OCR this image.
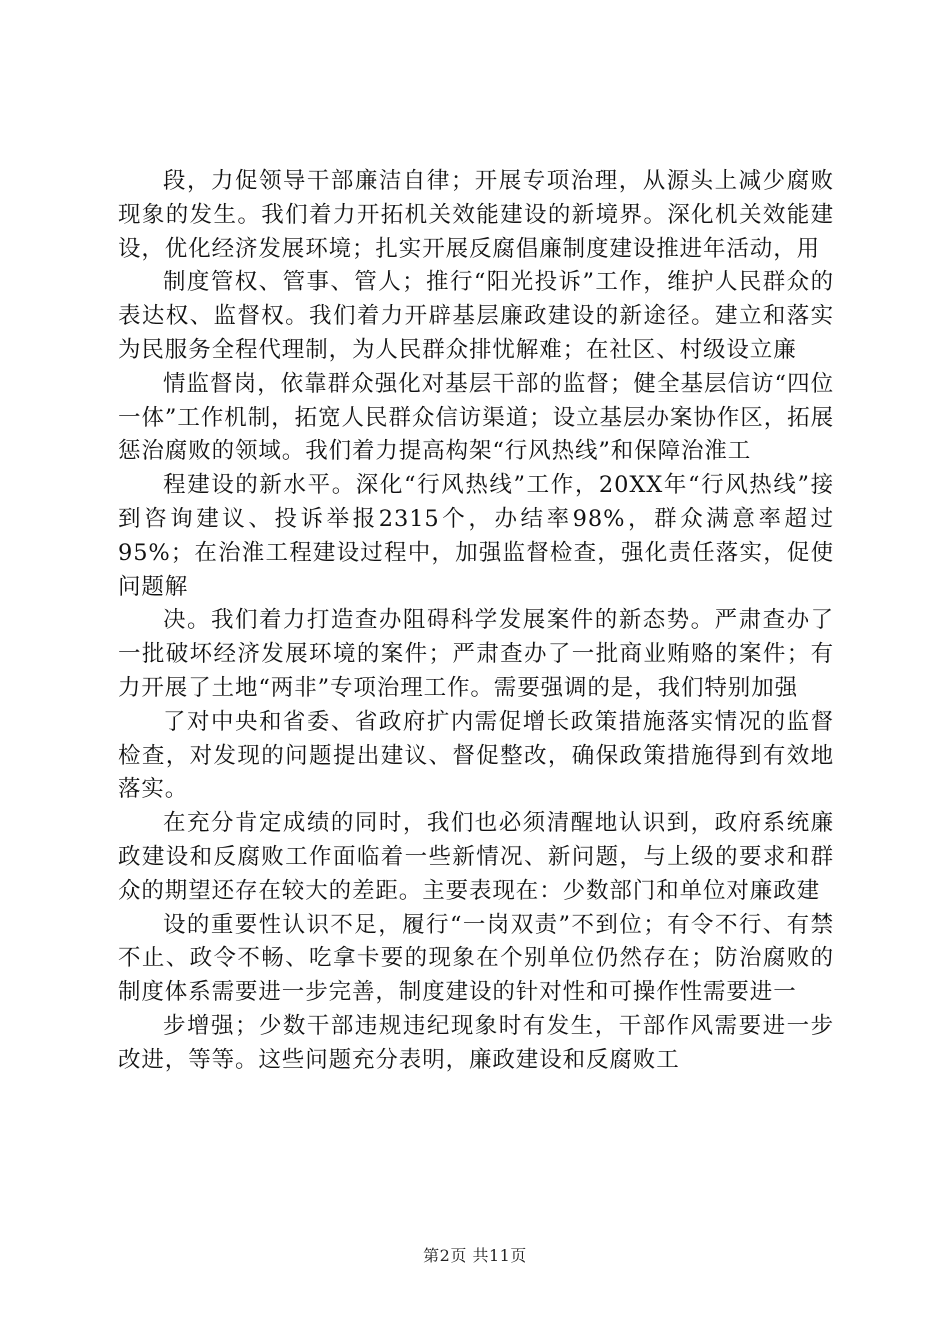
段，力促领导干部廉洁自律；开展专项治理，从源头上减少腐败现象的发生。我们着力开拓机关效能建设的新境界。深化机关效能建设，优化经济发展环境；扎实开展反腐倡廉制度建设推进年活动，用

制度管权、管事、管人；推行“阳光投诉”工作，维护人民群众的表达权、监督权。我们着力开辟基层廉政建设的新途径。建立和落实为民服务全程代理制，为人民群众排忧解难；在社区、村级设立廉

情监督岗，依靠群众强化对基层干部的监督；健全基层信访“四位一体”工作机制，拓宽人民群众信访渠道；设立基层办案协作区，拓展惩治腐败的领域。我们着力提高构架“行风热线”和保障治淮工

程建设的新水平。深化“行风热线”工作，20XX年“行风热线”接到咨询建议、投诉举报2315个，办结率98%，群众满意率超过95%；在治淮工程建设过程中，加强监督检查，强化责任落实，促使问题解

决。我们着力打造查办阻碍科学发展案件的新态势。严肃查办了一批破坏经济发展环境的案件；严肃查办了一批商业贿赂的案件；有力开展了土地“两非”专项治理工作。需要强调的是，我们特别加强

了对中央和省委、省政府扩内需促增长政策措施落实情况的监督检查，对发现的问题提出建议、督促整改，确保政策措施得到有效地落实。

在充分肯定成绩的同时，我们也必须清醒地认识到，政府系统廉政建设和反腐败工作面临着一些新情况、新问题，与上级的要求和群众的期望还存在较大的差距。主要表现在：少数部门和单位对廉政建

设的重要性认识不足，履行“一岗双责”不到位；有令不行、有禁不止、政令不畅、吃拿卡要的现象在个别单位仍然存在；防治腐败的制度体系需要进一步完善，制度建设的针对性和可操作性需要进一

步增强；少数干部违规违纪现象时有发生，干部作风需要进一步改进，等等。这些问题充分表明，廉政建设和反腐败工

第2页 共11页
